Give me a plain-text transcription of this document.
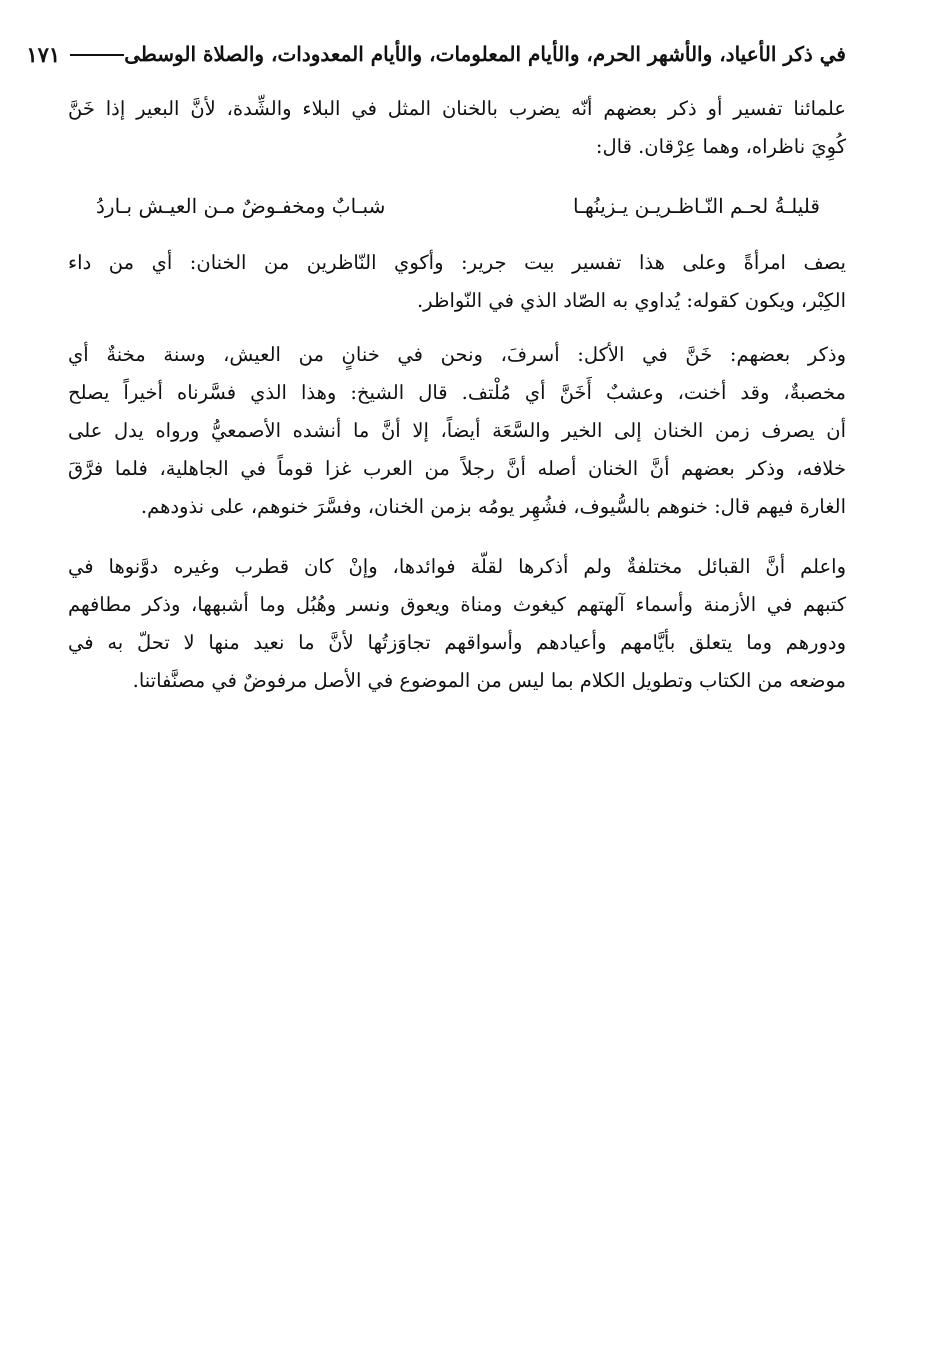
في ذكر الأعياد، والأشهر الحرم، والأيام المعلومات، والأيام المعدودات، والصلاة الوسطى
١٧١
علمائنا تفسير أو ذكر بعضهم أنّه يضرب بالخنان المثل في البلاء والشِّدة، لأنَّ البعير إذا خَنَّ
كُوِيَ ناظراه، وهما عِرْقان. قال:
قليلـةُ لحـم النّـاظـريـن يـزينُهـا
شبـابٌ ومخفـوضٌ مـن العيـش بـاردُ
يصف امرأةً وعلى هذا تفسير بيت جرير: وأكوي النّاظرين من الخنان: أي من داء
الكِبْر، ويكون كقوله: يُداوي به الصّاد الذي في النّواظر.
وذكر بعضهم: خَنَّ في الأكل: أسرفَ، ونحن في خنانٍ من العيش، وسنة مخنةٌ أي
مخصبةٌ، وقد أخنت، وعشبٌ أَخَنَّ أي مُلْتف. قال الشيخ: وهذا الذي فسَّرناه أخيراً يصلح
أن يصرف زمن الخنان إلى الخير والسَّعَة أيضاً، إلا أنَّ ما أنشده الأصمعيُّ ورواه يدل على
خلافه، وذكر بعضهم أنَّ الخنان أصله أنَّ رجلاً من العرب غزا قوماً في الجاهلية، فلما فرَّقَ
الغارة فيهم قال: خنوهم بالسُّيوف، فشُهِر يومُه بزمن الخنان، وفسَّرَ خنوهم، على نذودهم.
واعلم أنَّ القبائل مختلفةٌ ولم أذكرها لقلّة فوائدها، وإنْ كان قطرب وغيره دوَّنوها في
كتبهم في الأزمنة وأسماء آلهتهم كيغوث ومناة ويعوق ونسر وهُبُل وما أشبهها، وذكر مطافهم
ودورهم وما يتعلق بأيَّامهم وأعيادهم وأسواقهم تجاوَزتُها لأنَّ ما نعيد منها لا تحلّ به في
موضعه من الكتاب وتطويل الكلام بما ليس من الموضوع في الأصل مرفوضٌ في مصنَّفاتنا.
